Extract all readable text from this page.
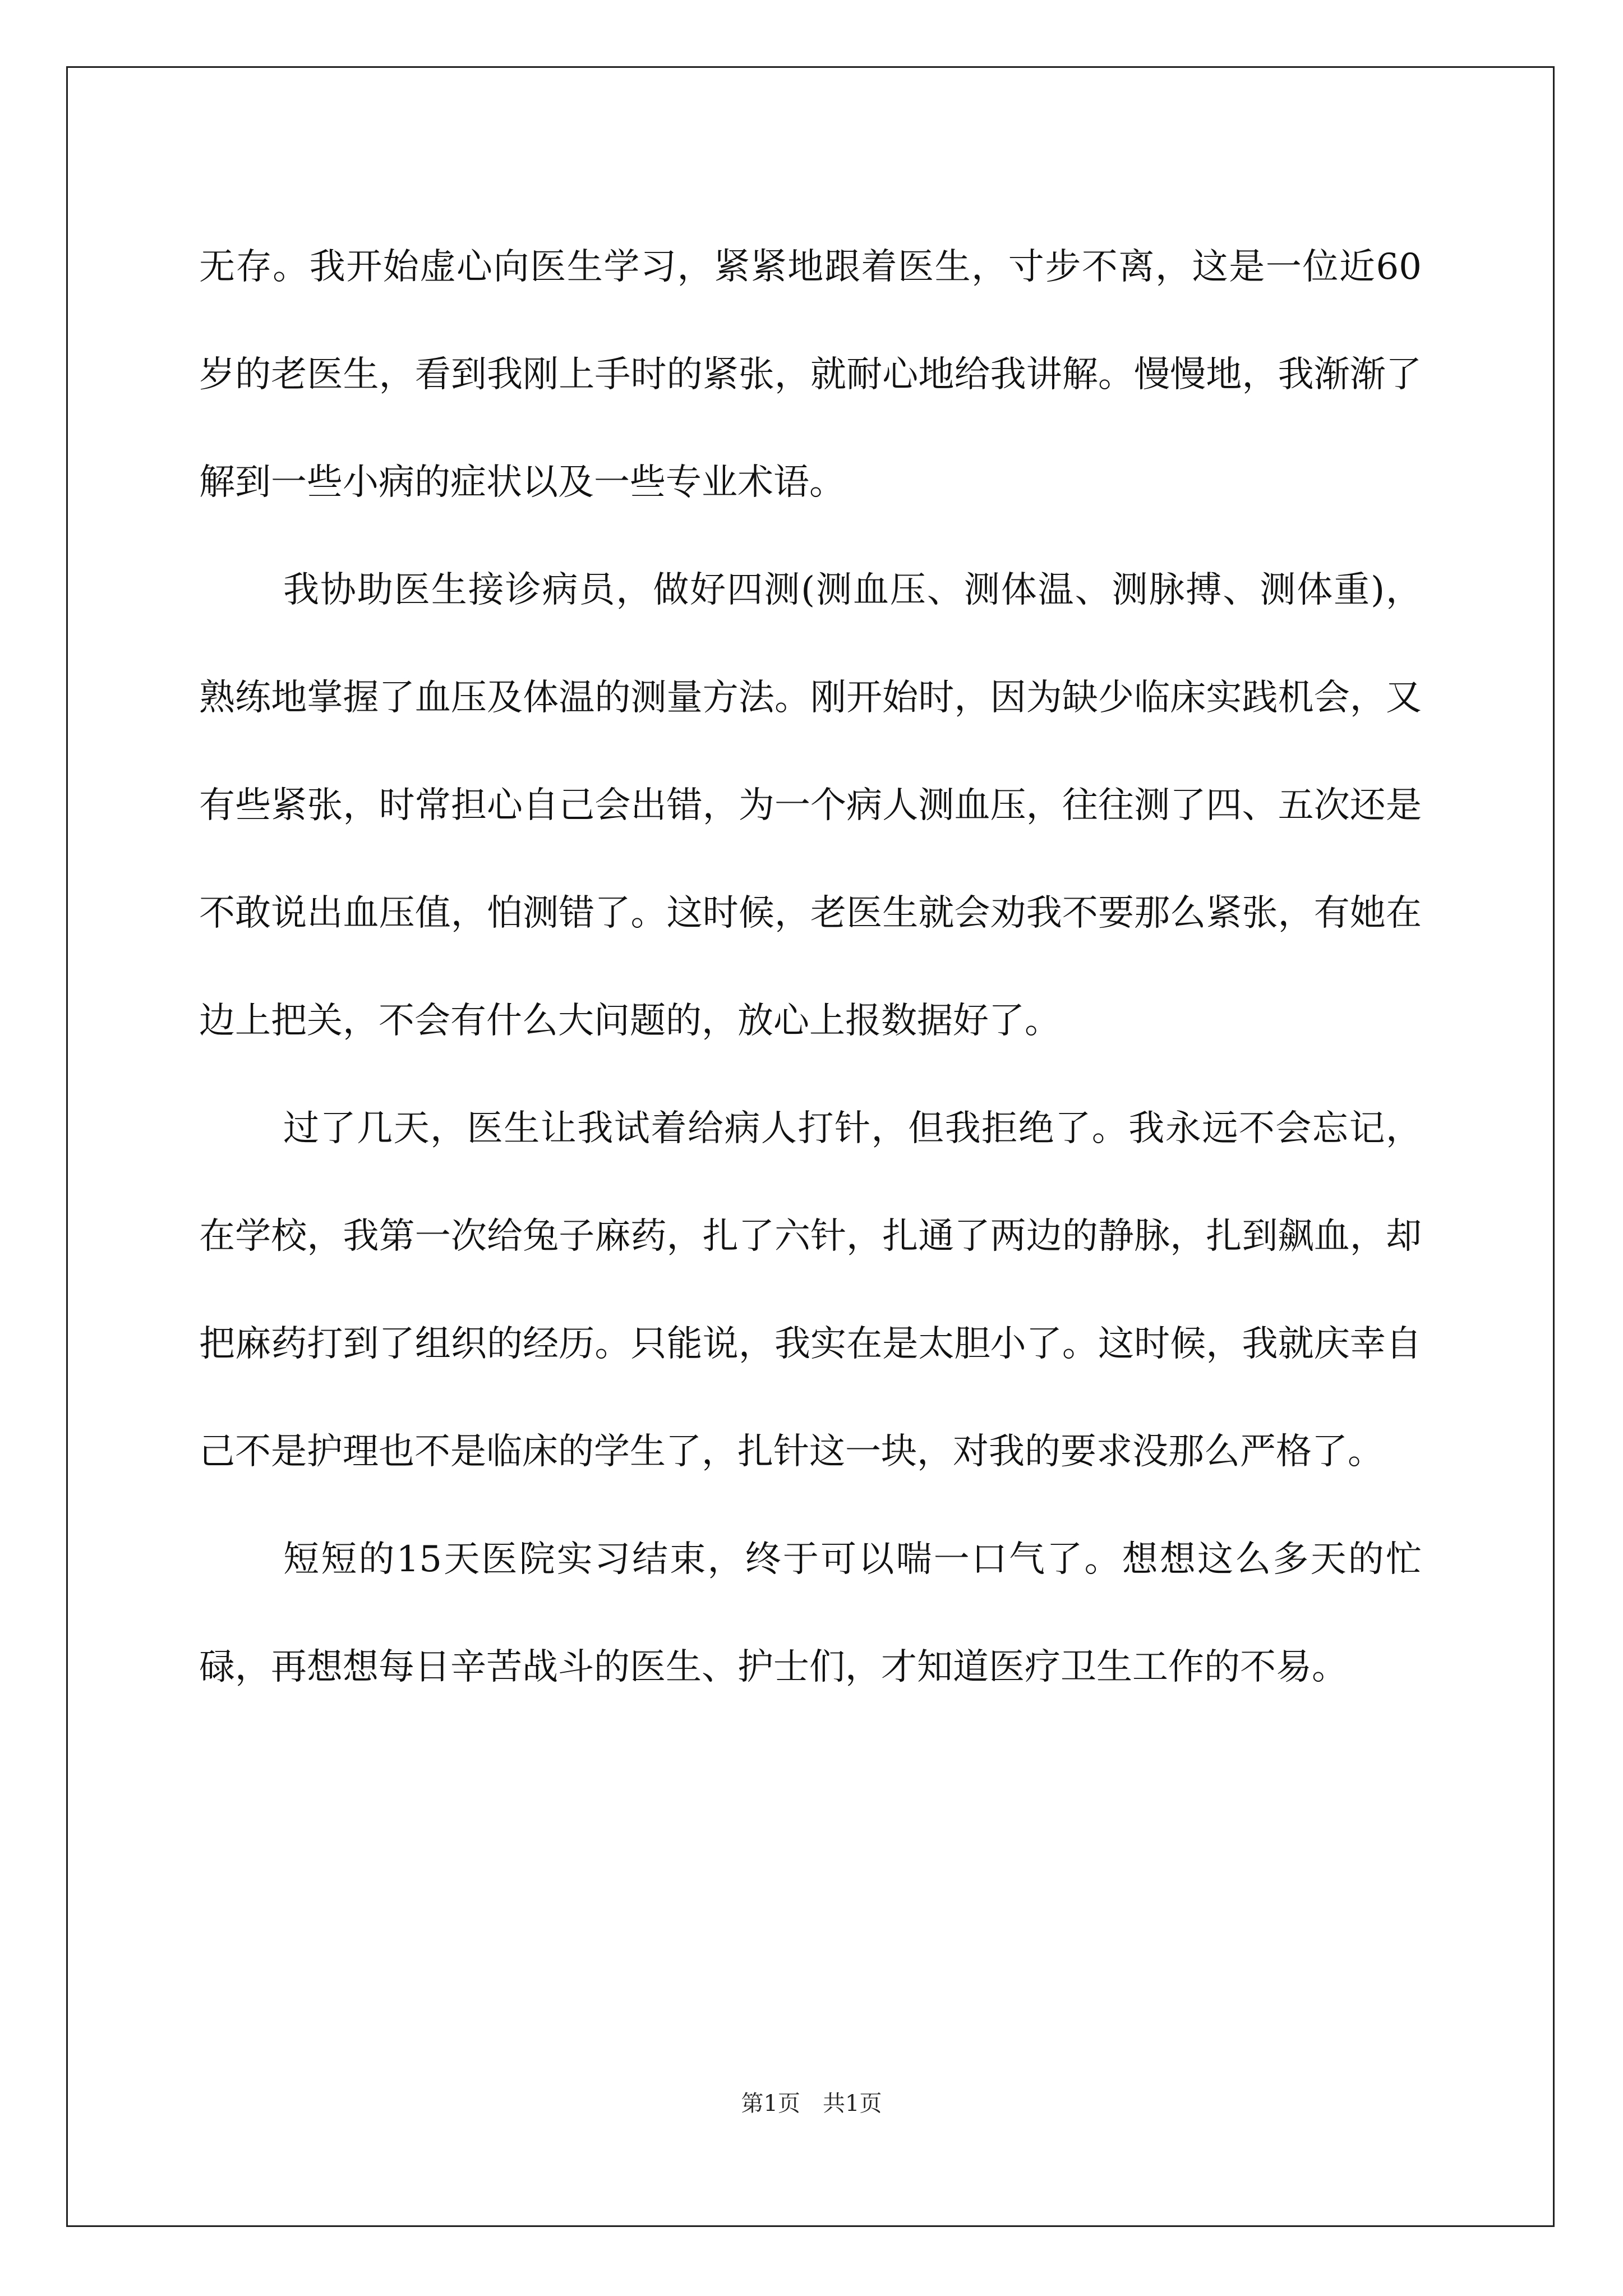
无存。我开始虚心向医生学习，紧紧地跟着医生，寸步不离，这是一位近60岁的老医生，看到我刚上手时的紧张，就耐心地给我讲解。慢慢地，我渐渐了解到一些小病的症状以及一些专业术语。

我协助医生接诊病员，做好四测(测血压、测体温、测脉搏、测体重)，熟练地掌握了血压及体温的测量方法。刚开始时，因为缺少临床实践机会，又有些紧张，时常担心自己会出错，为一个病人测血压，往往测了四、五次还是不敢说出血压值，怕测错了。这时候，老医生就会劝我不要那么紧张，有她在边上把关，不会有什么大问题的，放心上报数据好了。

过了几天，医生让我试着给病人打针，但我拒绝了。我永远不会忘记，在学校，我第一次给兔子麻药，扎了六针，扎通了两边的静脉，扎到飙血，却把麻药打到了组织的经历。只能说，我实在是太胆小了。这时候，我就庆幸自己不是护理也不是临床的学生了，扎针这一块，对我的要求没那么严格了。

短短的15天医院实习结束，终于可以喘一口气了。想想这么多天的忙碌，再想想每日辛苦战斗的医生、护士们，才知道医疗卫生工作的不易。

第1页　共1页
